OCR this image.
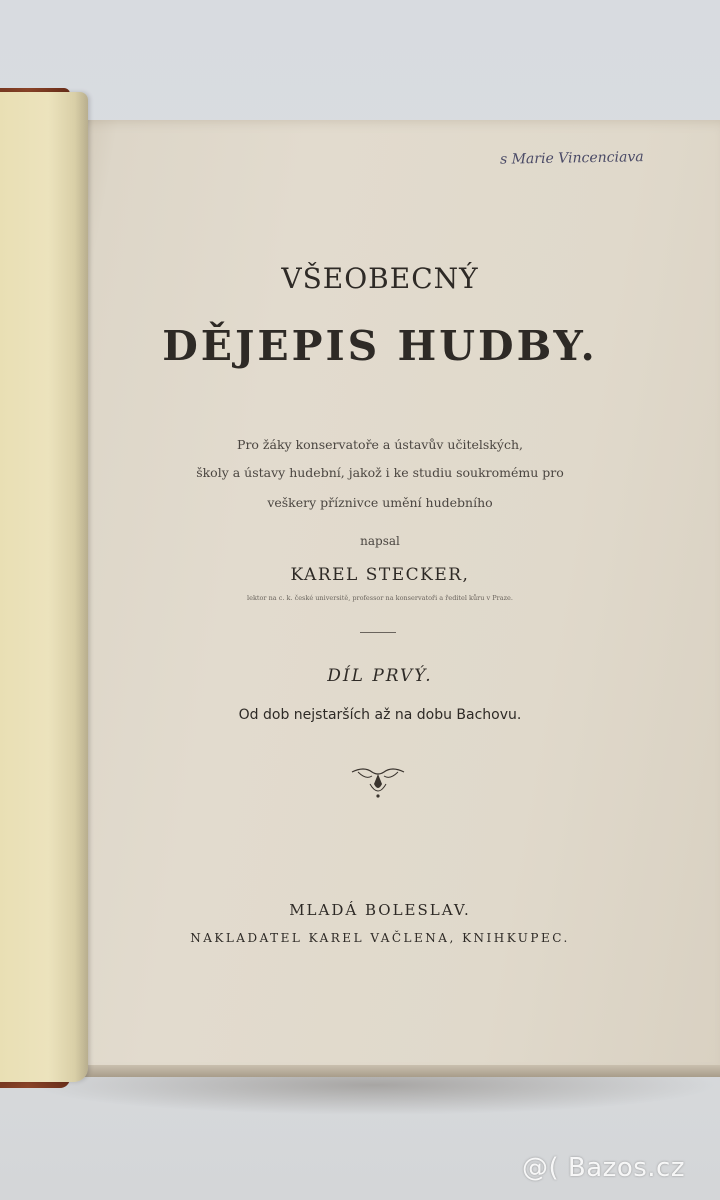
s Marie Vincenciava
VŠEOBECNÝ
DĚJEPIS HUDBY.
Pro žáky konservatoře a ústavův učitelských,
školy a ústavy hudební, jakož i ke studiu soukromému pro
veškery příznivce umění hudebního
napsal
KAREL STECKER,
lektor na c. k. české universitě, professor na konservatoři a ředitel kůru v Praze.
DÍL PRVÝ.
Od dob nejstarších až na dobu Bachovu.
MLADÁ BOLESLAV.
NAKLADATEL KAREL VAČLENA, KNIHKUPEC.
@( Bazos.cz
